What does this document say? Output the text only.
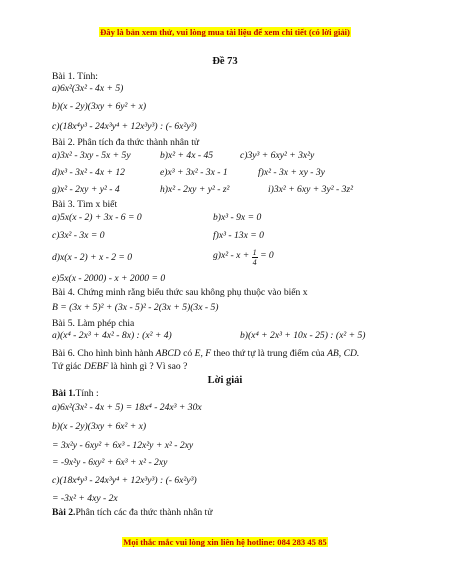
Đây là bản xem thử, vui lòng mua tài liệu để xem chi tiết (có lời giải)
Đề 73
Bài 1. Tính:
a)6x²(3x² - 4x + 5)
b)(x - 2y)(3xy + 6y² + x)
c)(18x⁴y³ - 24x³y⁴ + 12x³y³) : (- 6x²y³)
Bài 2. Phân tích đa thức thành nhân tử
a)3x² - 3xy - 5x + 5y	b)x² + 4x - 45	c)3y³ + 6xy² + 3x²y
d)x³ - 3x² - 4x + 12	e)x³ + 3x² - 3x - 1	f)x² - 3x + xy - 3y
g)x² - 2xy + y² - 4	h)x² - 2xy + y² - z²	i)3x² + 6xy + 3y² - 3z²
Bài 3. Tìm x biết
a)5x(x - 2) + 3x - 6 = 0	b)x³ - 9x = 0
c)3x² - 3x = 0	f)x³ - 13x = 0
d)x(x - 2) + x - 2 = 0	$g)x^2 - x + \frac{1}{4} = 0$
e)5x(x - 2000) - x + 2000 = 0
Bài 4. Chứng minh rằng biểu thức sau không phụ thuộc vào biến x
B = (3x + 5)² + (3x - 5)² - 2(3x + 5)(3x - 5)
Bài 5. Làm phép chia
a)(x⁴ - 2x³ + 4x² - 8x) : (x² + 4)	b)(x⁴ + 2x³ + 10x - 25) : (x² + 5)
Bài 6. Cho hình bình hành ABCD có E, F theo thứ tự là trung điểm của AB, CD.
Tứ giác DEBF là hình gì ? Vì sao ?
Lời giải
Bài 1.Tính :
a)6x²(3x² - 4x + 5) = 18x⁴ - 24x³ + 30x
b)(x - 2y)(3xy + 6x² + x)
= 3x²y - 6xy² + 6x³ - 12x²y + x² - 2xy
= -9x²y - 6xy² + 6x³ + x² - 2xy
c)(18x⁴y³ - 24x³y⁴ + 12x³y³) : (- 6x²y³)
= -3x² + 4xy - 2x
Bài 2.Phân tích các đa thức thành nhân tử
Mọi thắc mắc vui lòng xin liên hệ hotline: 084 283 45 85
